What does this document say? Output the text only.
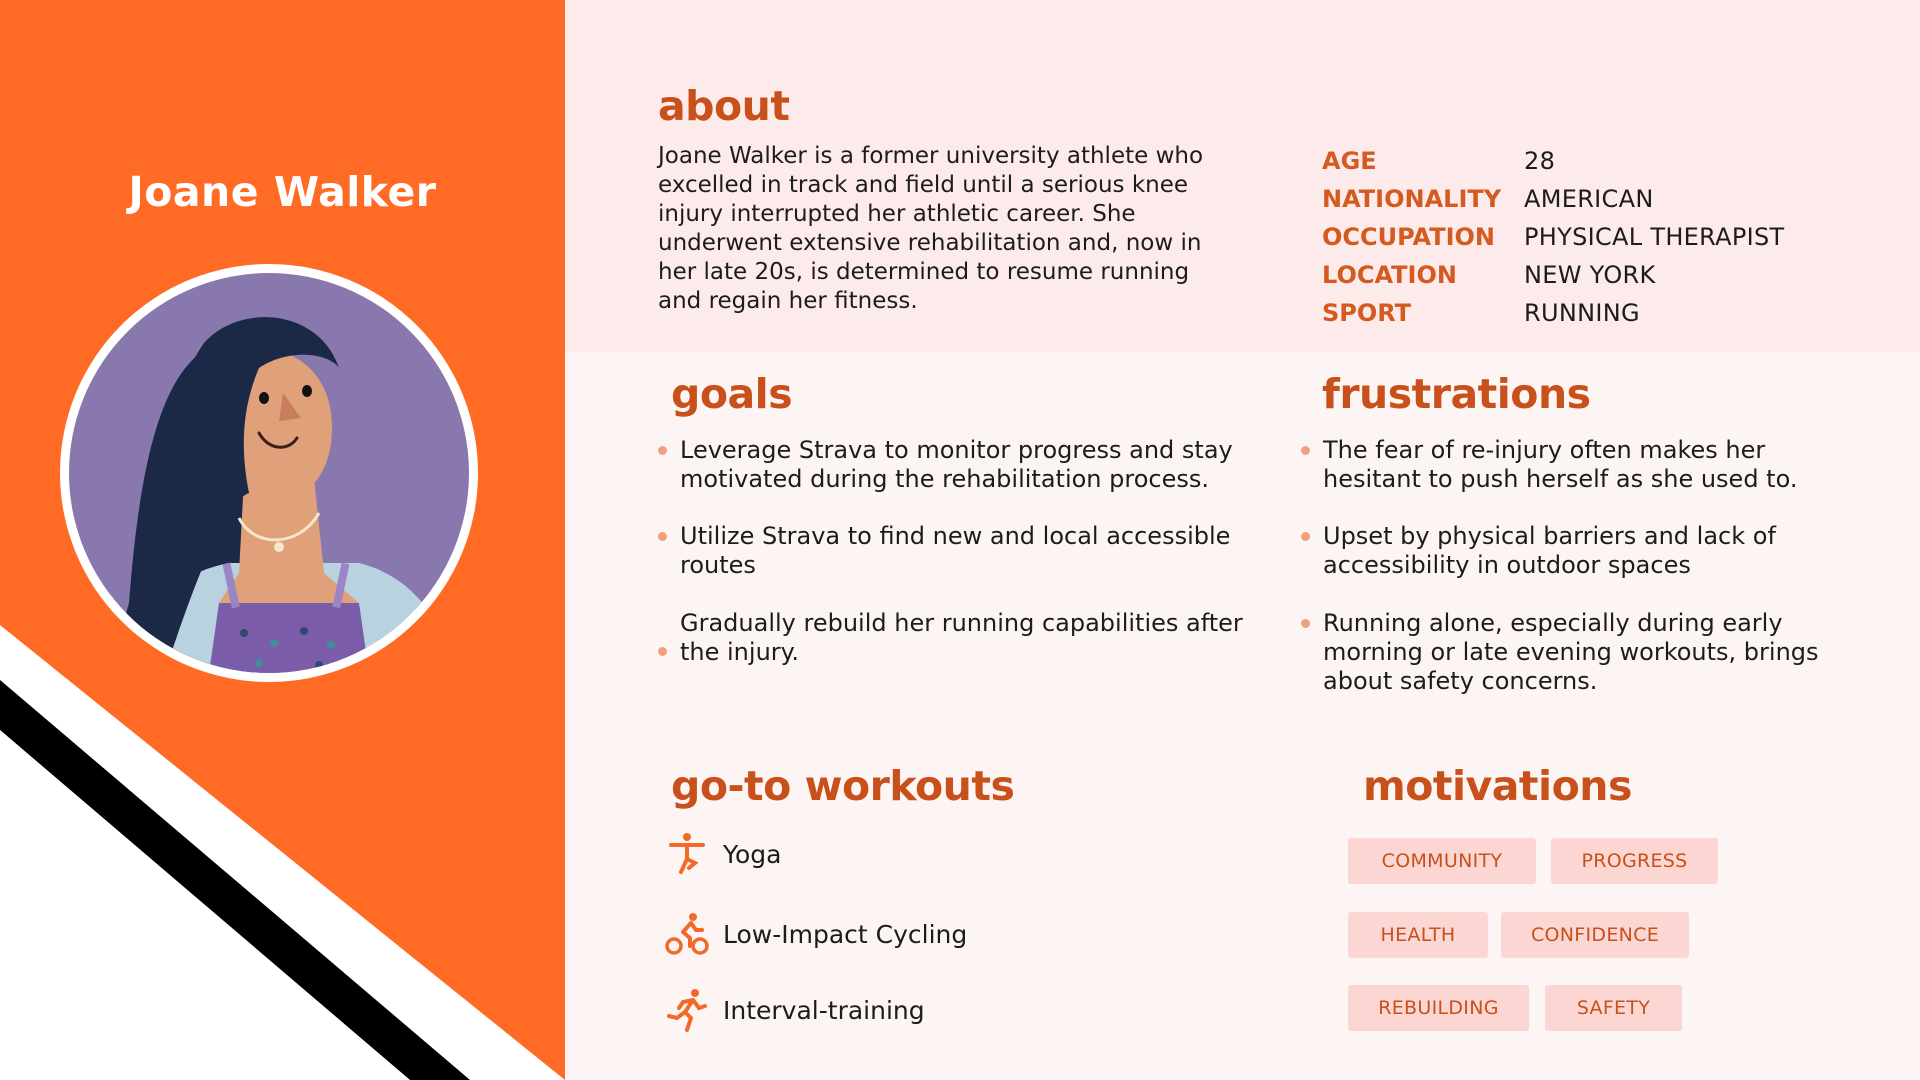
Joane Walker
about
Joane Walker is a former university athlete who excelled in track and field until a serious knee injury interrupted her athletic career. She underwent extensive rehabilitation and, now in her late 20s, is determined to resume running and regain her fitness.
AGE	28
NATIONALITY AMERICAN
OCCUPATION	PHYSICAL THERAPIST
LOCATION	NEW YORK
SPORT	RUNNING
goals
Leverage Strava to monitor progress and stay motivated during the rehabilitation process.
Utilize Strava to find new and local accessible routes
Gradually rebuild her running capabilities after the injury.
frustrations
The fear of re-injury often makes her hesitant to push herself as she used to.
Upset by physical barriers and lack of accessibility in outdoor spaces
Running alone, especially during early morning or late evening workouts, brings about safety concerns.
go-to workouts
Yoga
Low-Impact Cycling
Interval-training
motivations
COMMUNITY	PROGRESS
HEALTH	CONFIDENCE
REBUILDING	SAFETY
